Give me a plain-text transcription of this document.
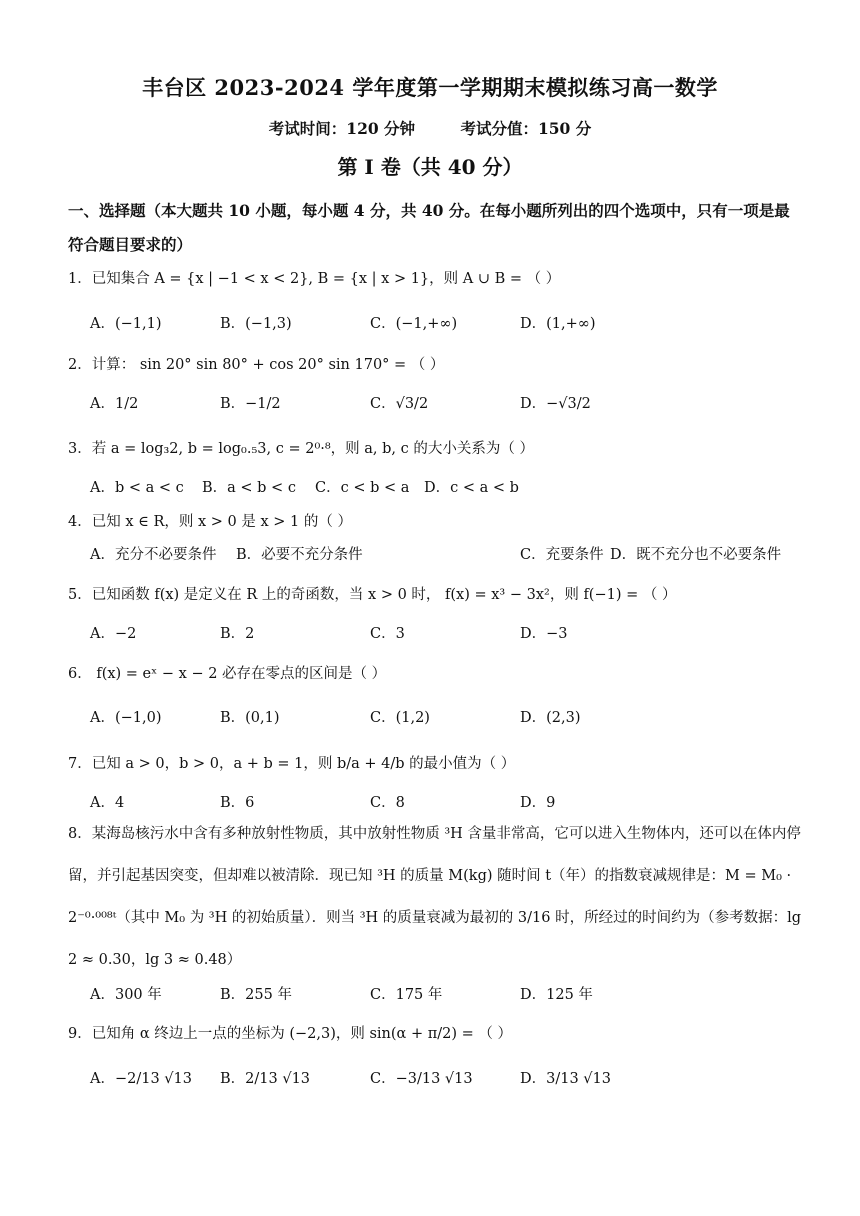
丰台区 2023-2024 学年度第一学期期末模拟练习高一数学
考试时间：120 分钟	考试分值：150 分
第 I 卷（共 40 分）
一、选择题（本大题共 10 小题，每小题 4 分，共 40 分。在每小题所列出的四个选项中，只有一项是最符合题目要求的）
1．已知集合 A = {x | −1 < x < 2}, B = {x | x > 1}，则 A ∪ B = （ ）
A．(−1,1)	B．(−1,3)	C．(−1,+∞)	D．(1,+∞)
2．计算： sin 20° sin 80° + cos 20° sin 170° = （ ）
A．1/2	B．−1/2	C．√3/2	D．−√3/2
3．若 a = log₃2, b = log₀.₅3, c = 2⁰·⁸，则 a, b, c 的大小关系为（ ）
A．b < a < c B．a < b < c C．c < b < a D．c < a < b
4．已知 x ∈ R，则 x > 0 是 x > 1 的（ ）
A．充分不必要条件 B．必要不充分条件	C．充要条件 D．既不充分也不必要条件
5．已知函数 f(x) 是定义在 R 上的奇函数，当 x > 0 时， f(x) = x³ − 3x²，则 f(−1) = （ ）
A．−2	B．2	C．3	D．−3
6． f(x) = eˣ − x − 2 必存在零点的区间是（ ）
A．(−1,0)	B．(0,1)	C．(1,2)	D．(2,3)
7．已知 a > 0，b > 0，a + b = 1，则 b/a + 4/b 的最小值为（ ）
A．4	B．6	C．8	D．9
8．某海岛核污水中含有多种放射性物质，其中放射性物质 ³H 含量非常高，它可以进入生物体内，还可以在体内停留，并引起基因突变，但却难以被清除．现已知 ³H 的质量 M(kg) 随时间 t（年）的指数衰减规律是：M = M₀ · 2⁻⁰·⁰⁰⁸ᵗ（其中 M₀ 为 ³H 的初始质量）．则当 ³H 的质量衰减为最初的 3/16 时，所经过的时间约为（参考数据：lg 2 ≈ 0.30，lg 3 ≈ 0.48）
A．300 年	B．255 年	C．175 年	D．125 年
9．已知角 α 终边上一点的坐标为 (−2,3)，则 sin(α + π/2) = （ ）
A．−2/13 √13 B．2/13 √13	C．−3/13 √13	D．3/13 √13
